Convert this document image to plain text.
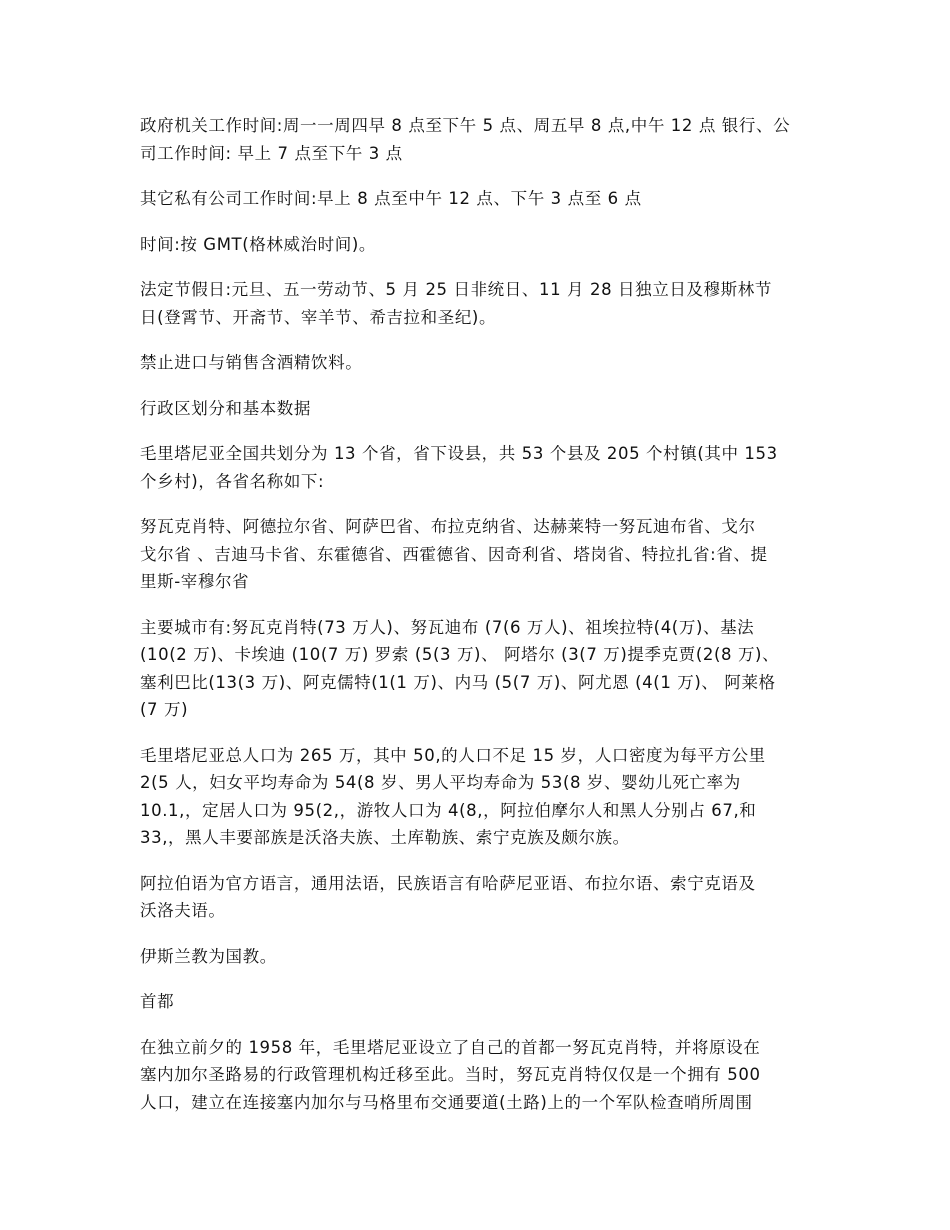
政府机关工作时间:周一一周四早 8 点至下午 5 点、周五早 8 点,中午 12 点 银行、公
司工作时间: 早上 7 点至下午 3 点

其它私有公司工作时间:早上 8 点至中午 12 点、下午 3 点至 6 点

时间:按 GMT(格林威治时间)。

法定节假日:元旦、五一劳动节、5 月 25 日非统日、11 月 28 日独立日及穆斯林节
日(登霄节、开斋节、宰羊节、希吉拉和圣纪)。

禁止进口与销售含酒精饮料。

行政区划分和基本数据

毛里塔尼亚全国共划分为 13 个省，省下设县，共 53 个县及 205 个村镇(其中 153
个乡村)，各省名称如下:

努瓦克肖特、阿德拉尔省、阿萨巴省、布拉克纳省、达赫莱特一努瓦迪布省、戈尔
戈尔省 、吉迪马卡省、东霍德省、西霍德省、因奇利省、塔岗省、特拉扎省:省、提
里斯-宰穆尔省

主要城市有:努瓦克肖特(73 万人)、努瓦迪布 (7(6 万人)、祖埃拉特(4(万)、基法
(10(2 万)、卡埃迪 (10(7 万) 罗索 (5(3 万)、 阿塔尔 (3(7 万)提季克贾(2(8 万)、
塞利巴比(13(3 万)、阿克儒特(1(1 万)、内马 (5(7 万)、阿尤恩 (4(1 万)、 阿莱格
(7 万)

毛里塔尼亚总人口为 265 万，其中 50,的人口不足 15 岁，人口密度为每平方公里
2(5 人，妇女平均寿命为 54(8 岁、男人平均寿命为 53(8 岁、婴幼儿死亡率为
10.1,，定居人口为 95(2,，游牧人口为 4(8,，阿拉伯摩尔人和黑人分别占 67,和
33,，黑人丰要部族是沃洛夫族、土库勒族、索宁克族及颇尔族。

阿拉伯语为官方语言，通用法语，民族语言有哈萨尼亚语、布拉尔语、索宁克语及
沃洛夫语。

伊斯兰教为国教。

首都

在独立前夕的 1958 年，毛里塔尼亚设立了自己的首都一努瓦克肖特，并将原设在
塞内加尔圣路易的行政管理机构迁移至此。当时，努瓦克肖特仅仅是一个拥有 500
人口，建立在连接塞内加尔与马格里布交通要道(土路)上的一个军队检查哨所周围
